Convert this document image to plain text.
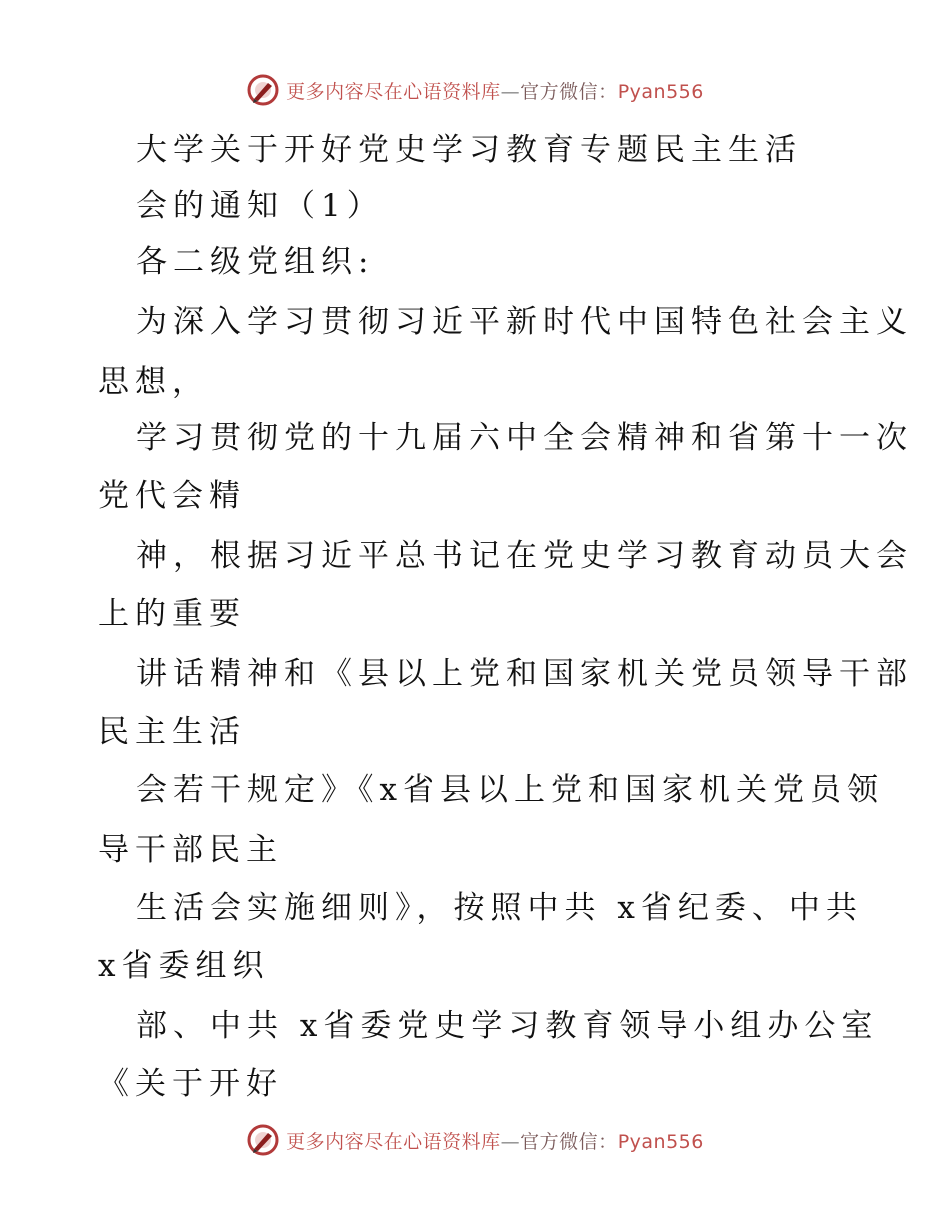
更多内容尽在心语资料库—官方微信：Pyan556
大学关于开好党史学习教育专题民主生活
会的通知（1）
各二级党组织:
为深入学习贯彻习近平新时代中国特色社会主义
思想，
学习贯彻党的十九届六中全会精神和省第十一次
党代会精
神，根据习近平总书记在党史学习教育动员大会
上的重要
讲话精神和《县以上党和国家机关党员领导干部
民主生活
会若干规定》《x省县以上党和国家机关党员领
导干部民主
生活会实施细则》，按照中共 x省纪委、中共
x省委组织
部、中共 x省委党史学习教育领导小组办公室
《关于开好
更多内容尽在心语资料库—官方微信：Pyan556
